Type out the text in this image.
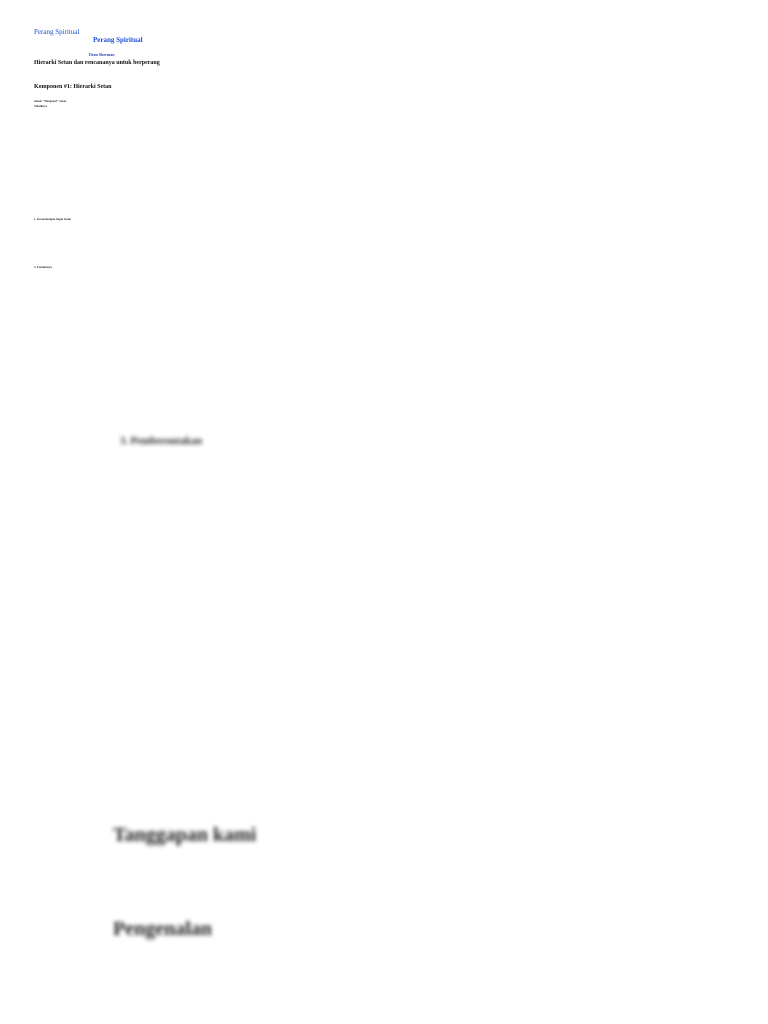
Perang Spiritual
Perang Spiritual
Dean Sherman
Hierarki Setan dan rencananya untuk berperang
Komponen #1: Hierarki Setan
untuk "Mengenal" Setan
Taktiknya
1. Kesombongan bagai Setan
2. Fondasinya
3. Pemberontakan
Tanggapan kami
Pengenalan
